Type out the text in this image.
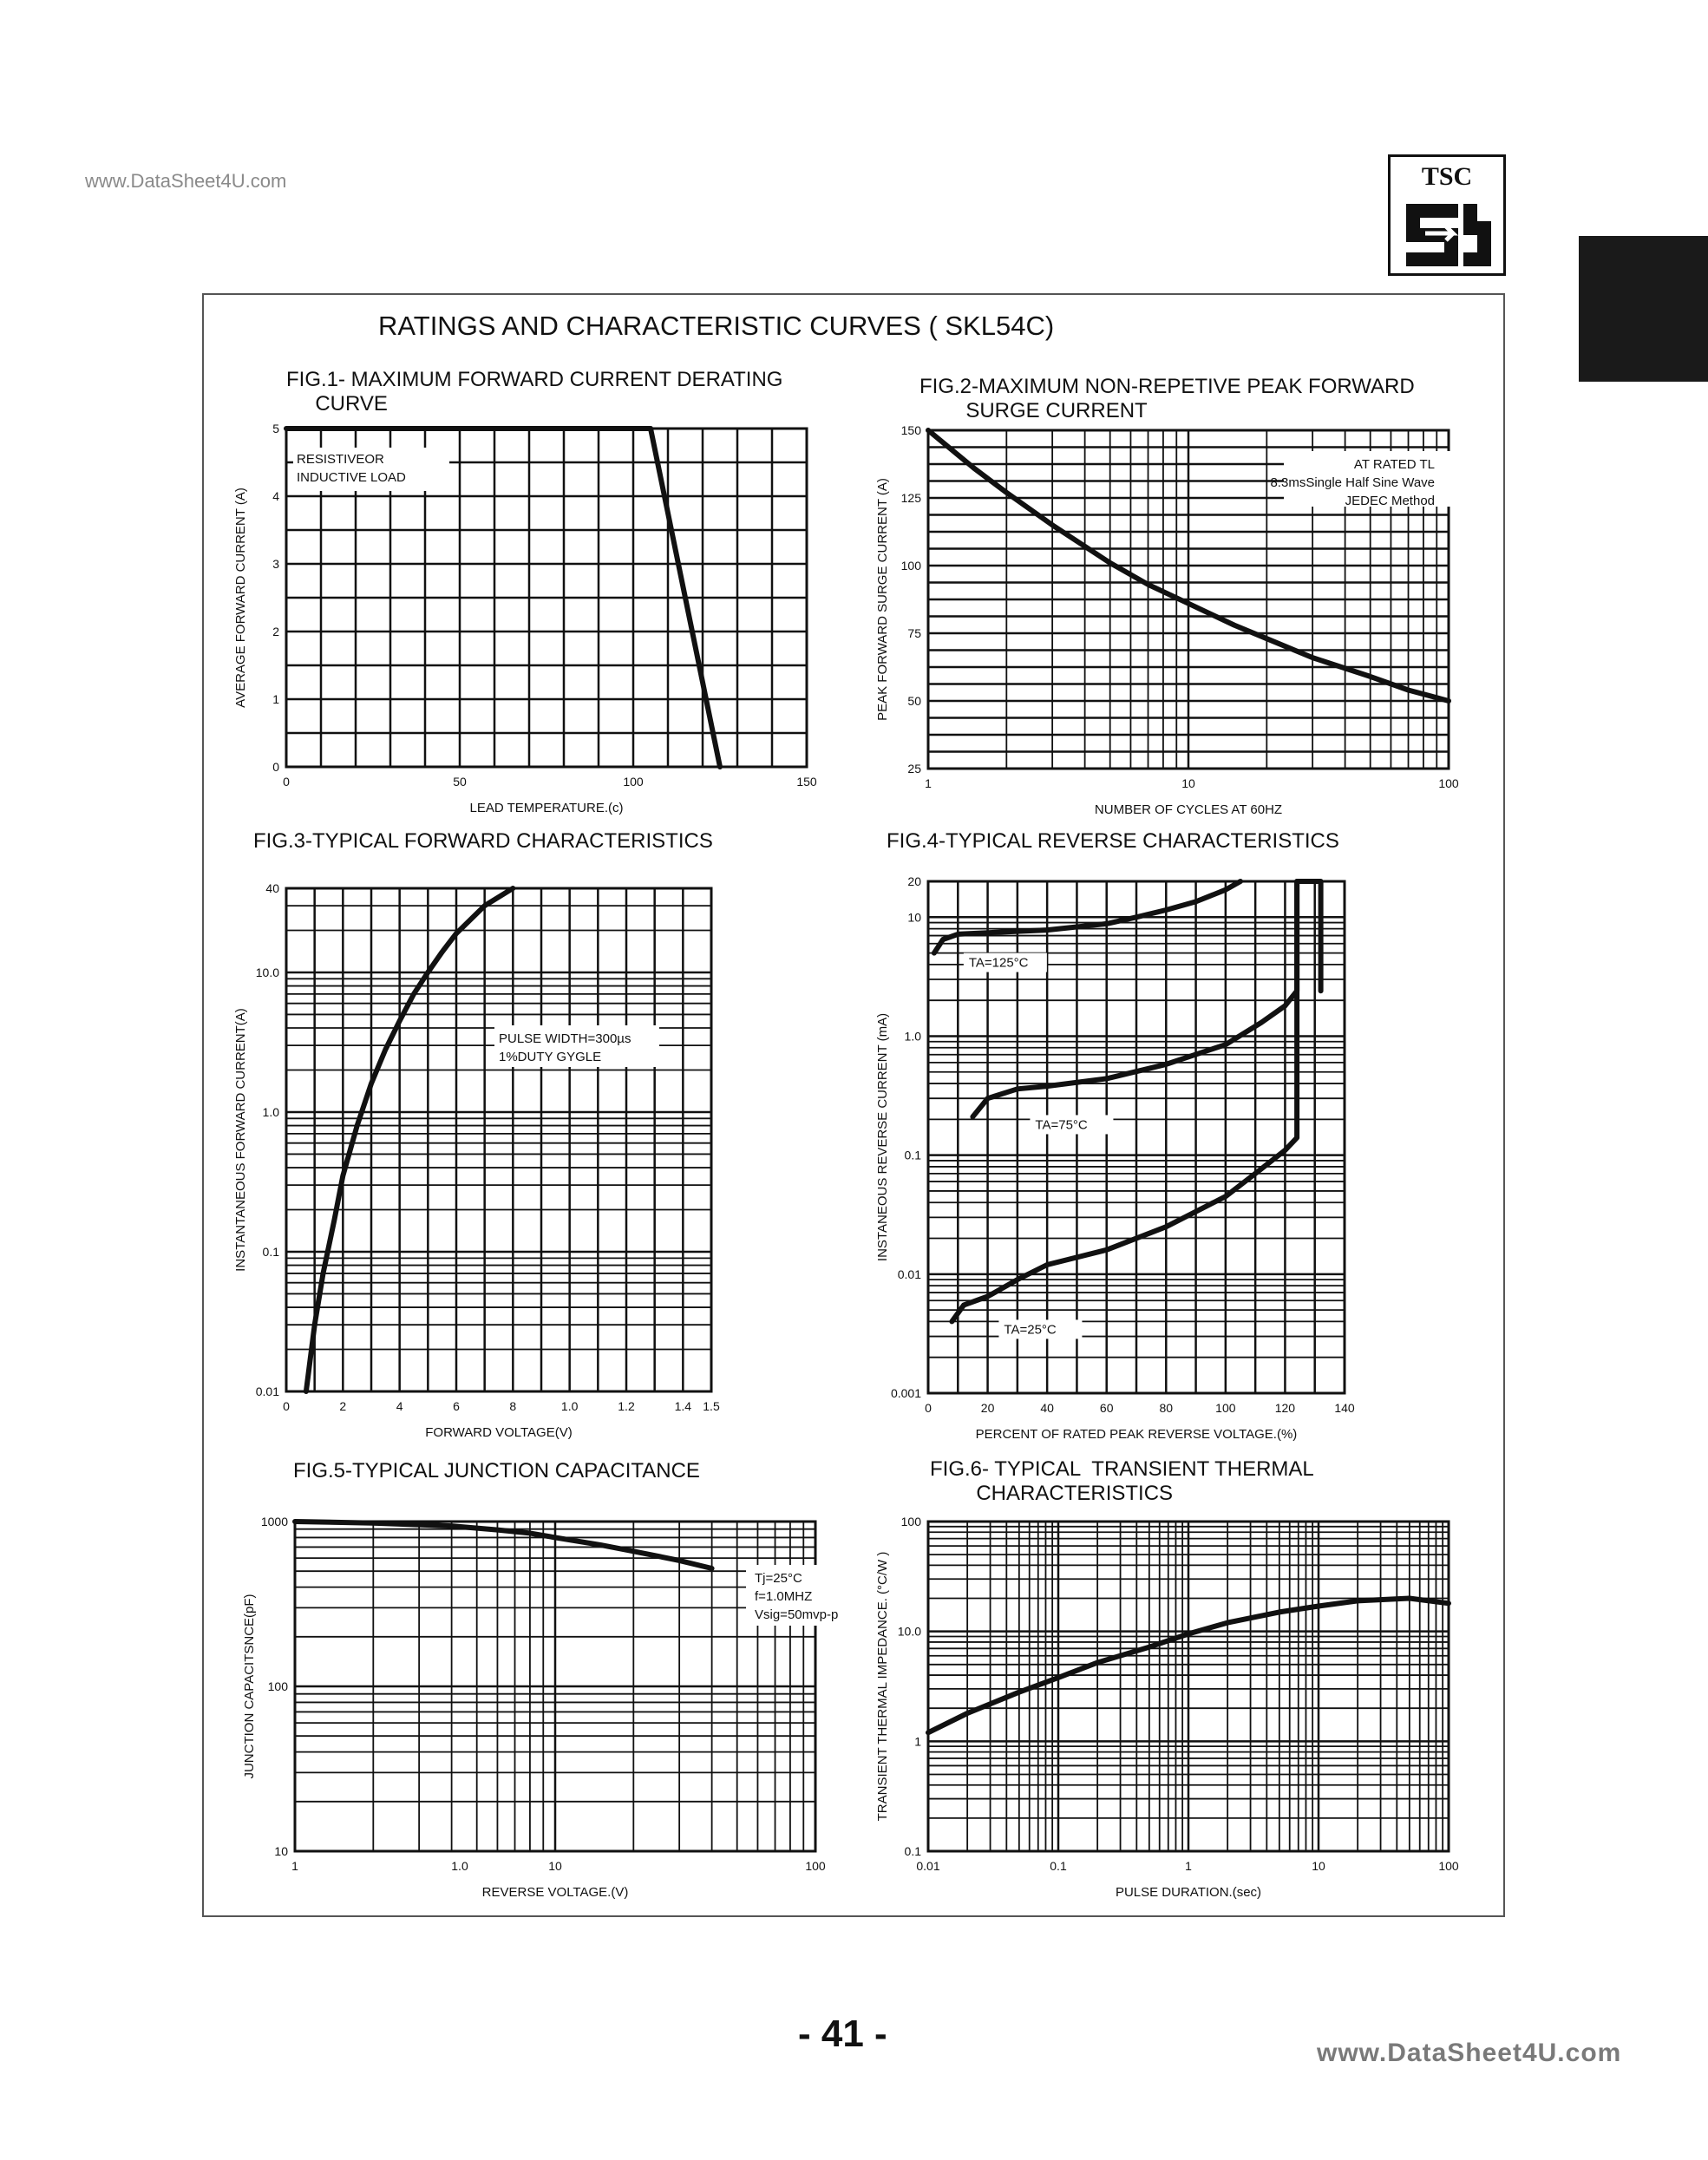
www.DataSheet4U.com	TSC
RATINGS AND CHARACTERISTIC CURVES ( SKL54C)
FIG.1- MAXIMUM FORWARD CURRENT DERATING
CURVE
FIG.2-MAXIMUM NON-REPETIVE PEAK FORWARD
SURGE CURRENT
FIG.3-TYPICAL FORWARD CHARACTERISTICS	FIG.4-TYPICAL REVERSE CHARACTERISTICS
FIG.5-TYPICAL JUNCTION CAPACITANCE	FIG.6- TYPICAL  TRANSIENT THERMAL
CHARACTERISTICS
0	50	100	150
0
1
2
3
4
5
LEAD TEMPERATURE.(c)
AVERAGE FORWARD CURRENT (A)
RESISTIVEOR
INDUCTIVE LOAD
1	10	100
25
50
75
100
125
150
NUMBER OF CYCLES AT 60HZ
PEAK FORWARD SURGE CURRENT (A)
AT RATED TL
8.3msSingle Half Sine Wave
JEDEC Method
0	2	4	6	8	1.0	1.2	1.4 1.5
0.01
0.1
1.0
10.0
40
FORWARD VOLTAGE(V)
INSTANTANEOUS FORWARD CURRENT(A)	PULSE WIDTH=300µs
1%DUTY GYGLE
0	20	40	60	80	100	120	140
0.001
0.01
0.1
1.0
10
20
PERCENT OF RATED PEAK REVERSE VOLTAGE.(%)
INSTANEOUS REVERSE CURRENT (mA)
TA=125°C
TA=75°C
TA=25°C
1	1.0	10	100
10
100
1000
REVERSE VOLTAGE.(V)
JUNCTION CAPACITSNCE(pF)
Tj=25°C
f=1.0MHZ
Vsig=50mvp-p
0.01	0.1	1	10	100
0.1
1
10.0
100
PULSE DURATION.(sec)
TRANSIENT THERMAL IMPEDANCE. (°C/W )
- 41 -	www.DataSheet4U.com
